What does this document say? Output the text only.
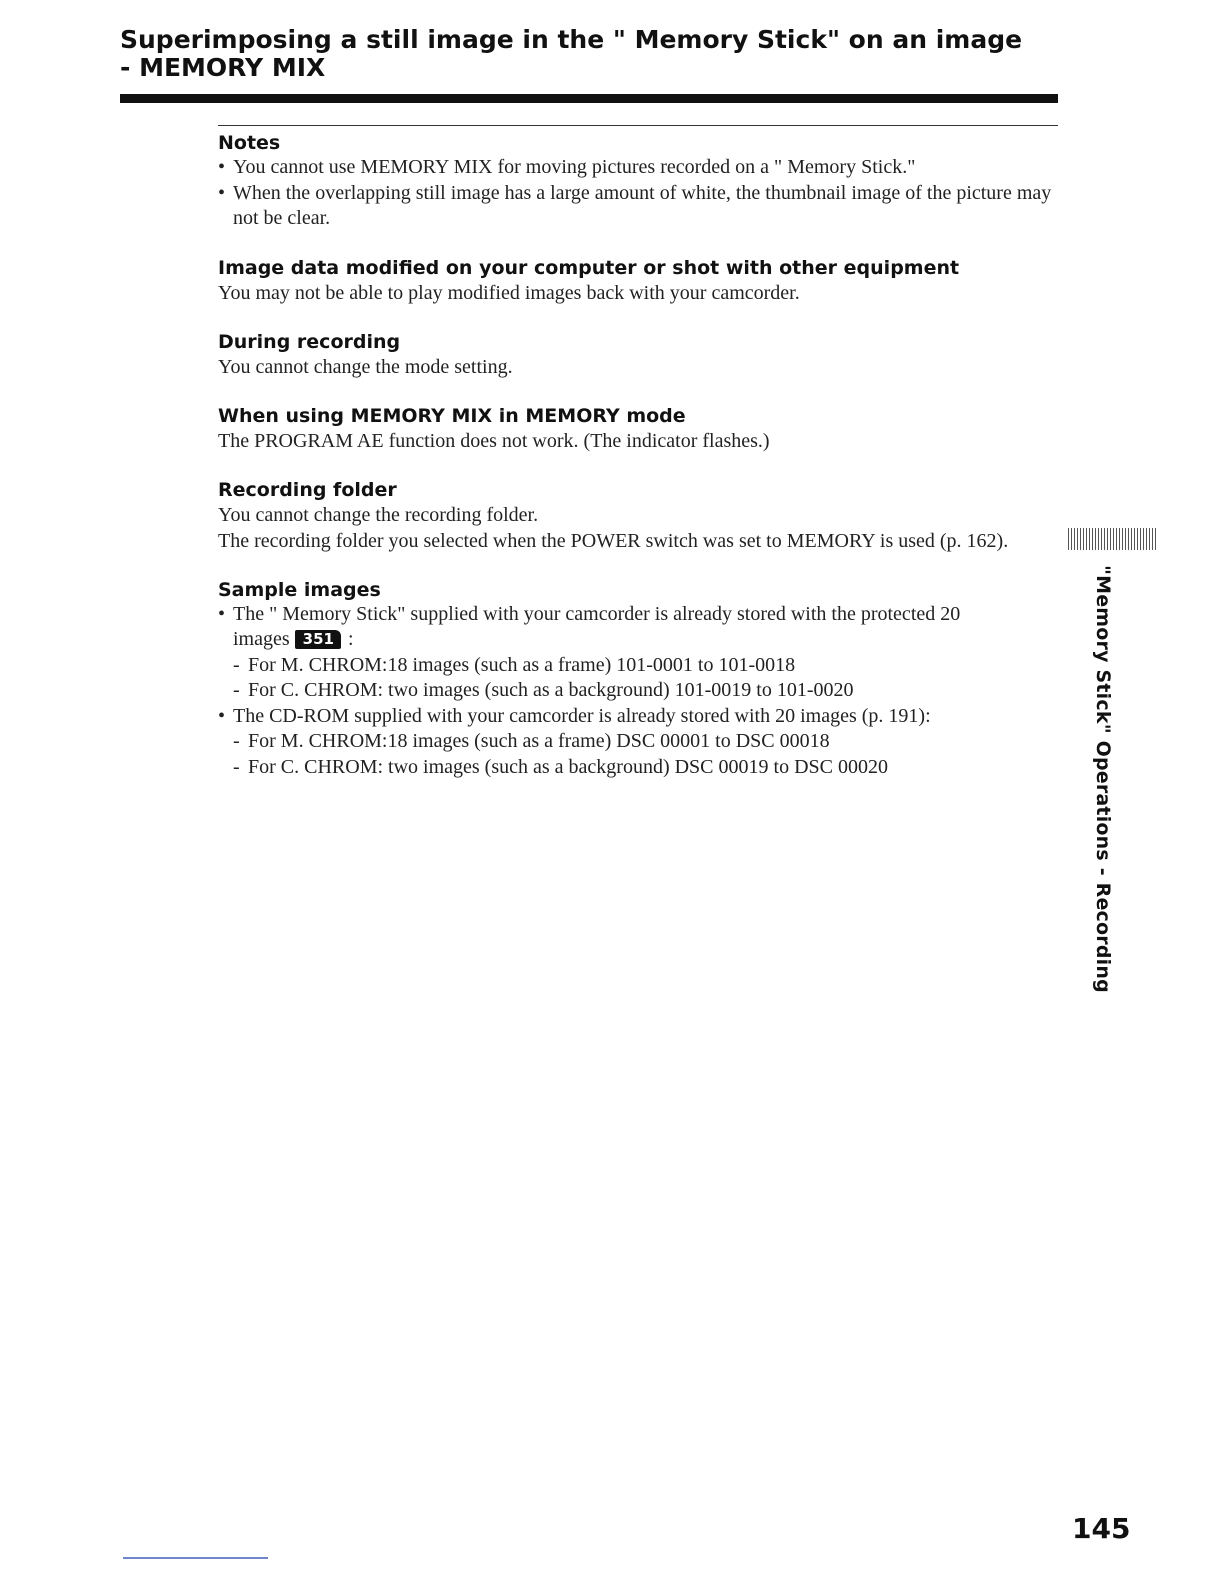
Superimposing a still image in the " Memory Stick" on an image
- MEMORY MIX
Notes
• You cannot use MEMORY MIX for moving pictures recorded on a " Memory Stick."
• When the overlapping still image has a large amount of white, the thumbnail image of the picture may not be clear.
Image data modified on your computer or shot with other equipment

You may not be able to play modified images back with your camcorder.

During recording

You cannot change the mode setting.

When using MEMORY MIX in MEMORY mode

The PROGRAM AE function does not work. (The indicator flashes.)

Recording folder

You cannot change the recording folder.

The recording folder you selected when the POWER switch was set to MEMORY is used (p. 162).

Sample images
• The " Memory Stick" supplied with your camcorder is already stored with the protected 20 images 351 :
- For M. CHROM:18 images (such as a frame) 101-0001 to 101-0018
- For C. CHROM: two images (such as a background) 101-0019 to 101-0020
• The CD-ROM supplied with your camcorder is already stored with 20 images (p. 191):
- For M. CHROM:18 images (such as a frame) DSC 00001 to DSC 00018
- For C. CHROM: two images (such as a background) DSC 00019 to DSC 00020	"Memory Stick" Operations - Recording
145
